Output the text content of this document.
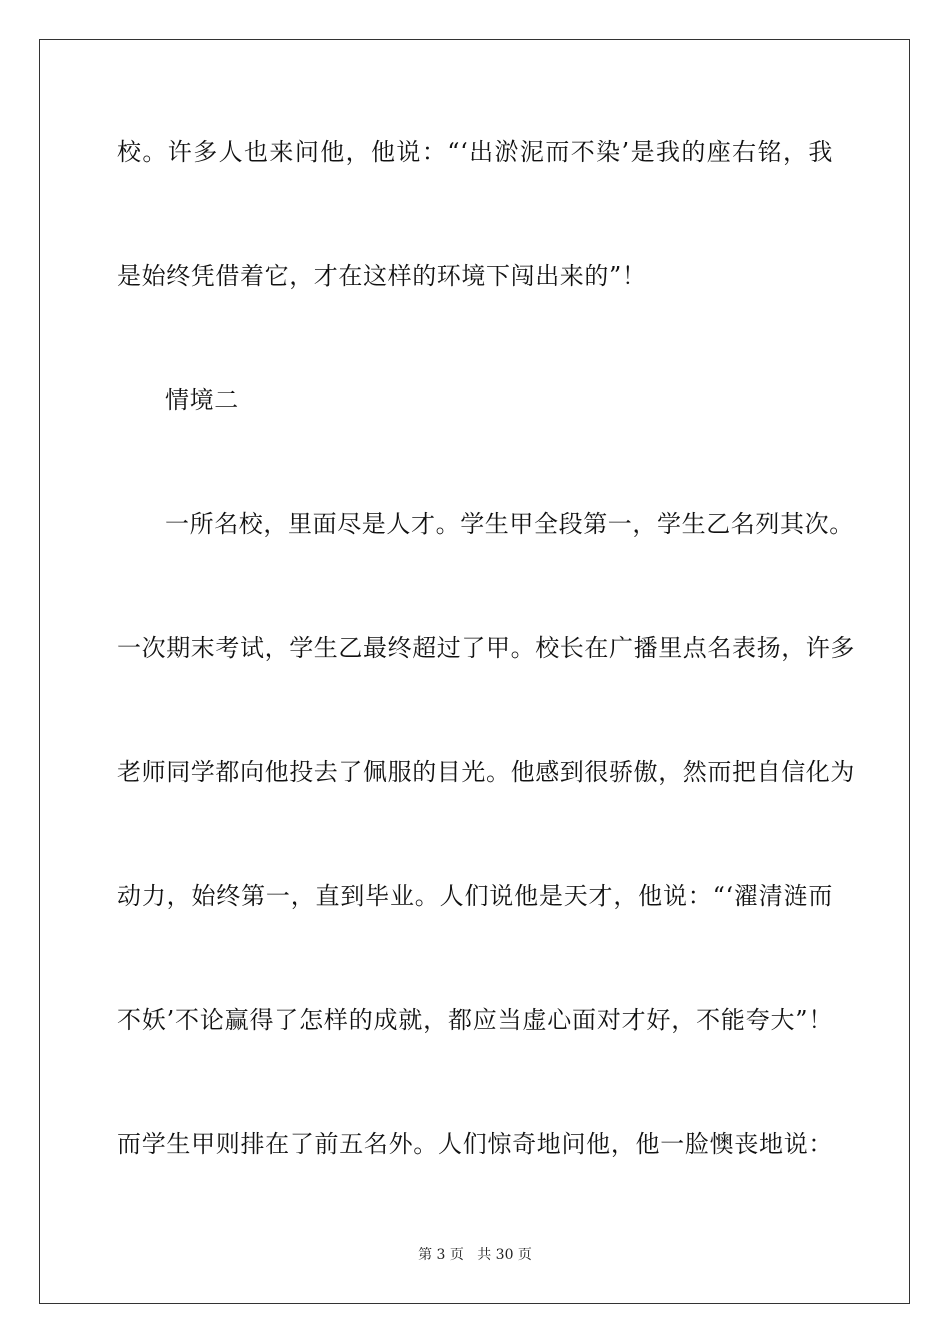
校。许多人也来问他，他说：“‘出淤泥而不染’是我的座右铭，我
是始终凭借着它，才在这样的环境下闯出来的”！
情境二
一所名校，里面尽是人才。学生甲全段第一，学生乙名列其次。
一次期末考试，学生乙最终超过了甲。校长在广播里点名表扬，许多
老师同学都向他投去了佩服的目光。他感到很骄傲，然而把自信化为
动力，始终第一，直到毕业。人们说他是天才，他说：“‘濯清涟而
不妖’不论赢得了怎样的成就，都应当虚心面对才好，不能夸大”！
而学生甲则排在了前五名外。人们惊奇地问他，他一脸懊丧地说：
第 3 页   共 30 页
